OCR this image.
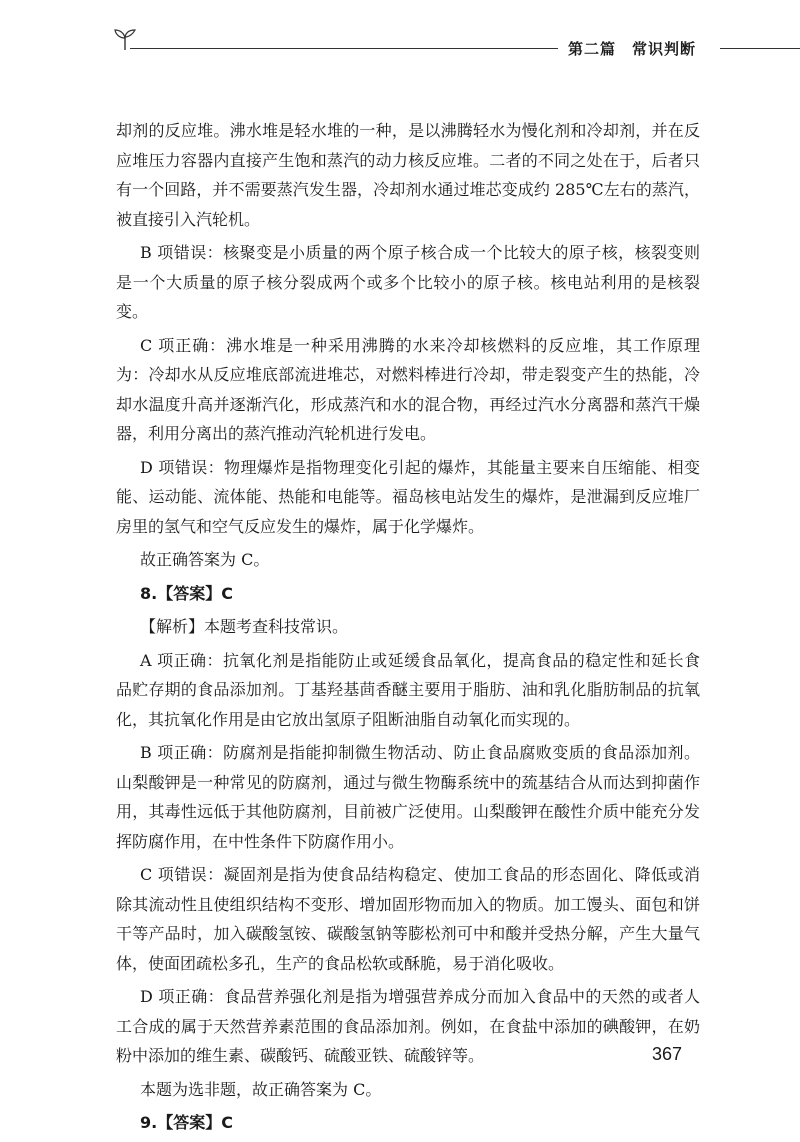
第二篇　常识判断

却剂的反应堆。沸水堆是轻水堆的一种，是以沸腾轻水为慢化剂和冷却剂，并在反应堆压力容器内直接产生饱和蒸汽的动力核反应堆。二者的不同之处在于，后者只有一个回路，并不需要蒸汽发生器，冷却剂水通过堆芯变成约 285℃左右的蒸汽，被直接引入汽轮机。

B 项错误：核聚变是小质量的两个原子核合成一个比较大的原子核，核裂变则是一个大质量的原子核分裂成两个或多个比较小的原子核。核电站利用的是核裂变。

C 项正确：沸水堆是一种采用沸腾的水来冷却核燃料的反应堆，其工作原理为：冷却水从反应堆底部流进堆芯，对燃料棒进行冷却，带走裂变产生的热能，冷却水温度升高并逐渐汽化，形成蒸汽和水的混合物，再经过汽水分离器和蒸汽干燥器，利用分离出的蒸汽推动汽轮机进行发电。

D 项错误：物理爆炸是指物理变化引起的爆炸，其能量主要来自压缩能、相变能、运动能、流体能、热能和电能等。福岛核电站发生的爆炸，是泄漏到反应堆厂房里的氢气和空气反应发生的爆炸，属于化学爆炸。

故正确答案为 C。

8.【答案】C

【解析】本题考查科技常识。

A 项正确：抗氧化剂是指能防止或延缓食品氧化，提高食品的稳定性和延长食品贮存期的食品添加剂。丁基羟基茴香醚主要用于脂肪、油和乳化脂肪制品的抗氧化，其抗氧化作用是由它放出氢原子阻断油脂自动氧化而实现的。

B 项正确：防腐剂是指能抑制微生物活动、防止食品腐败变质的食品添加剂。山梨酸钾是一种常见的防腐剂，通过与微生物酶系统中的巯基结合从而达到抑菌作用，其毒性远低于其他防腐剂，目前被广泛使用。山梨酸钾在酸性介质中能充分发挥防腐作用，在中性条件下防腐作用小。

C 项错误：凝固剂是指为使食品结构稳定、使加工食品的形态固化、降低或消除其流动性且使组织结构不变形、增加固形物而加入的物质。加工馒头、面包和饼干等产品时，加入碳酸氢铵、碳酸氢钠等膨松剂可中和酸并受热分解，产生大量气体，使面团疏松多孔，生产的食品松软或酥脆，易于消化吸收。

D 项正确：食品营养强化剂是指为增强营养成分而加入食品中的天然的或者人工合成的属于天然营养素范围的食品添加剂。例如，在食盐中添加的碘酸钾，在奶粉中添加的维生素、碳酸钙、硫酸亚铁、硫酸锌等。

本题为选非题，故正确答案为 C。

9.【答案】C

367
